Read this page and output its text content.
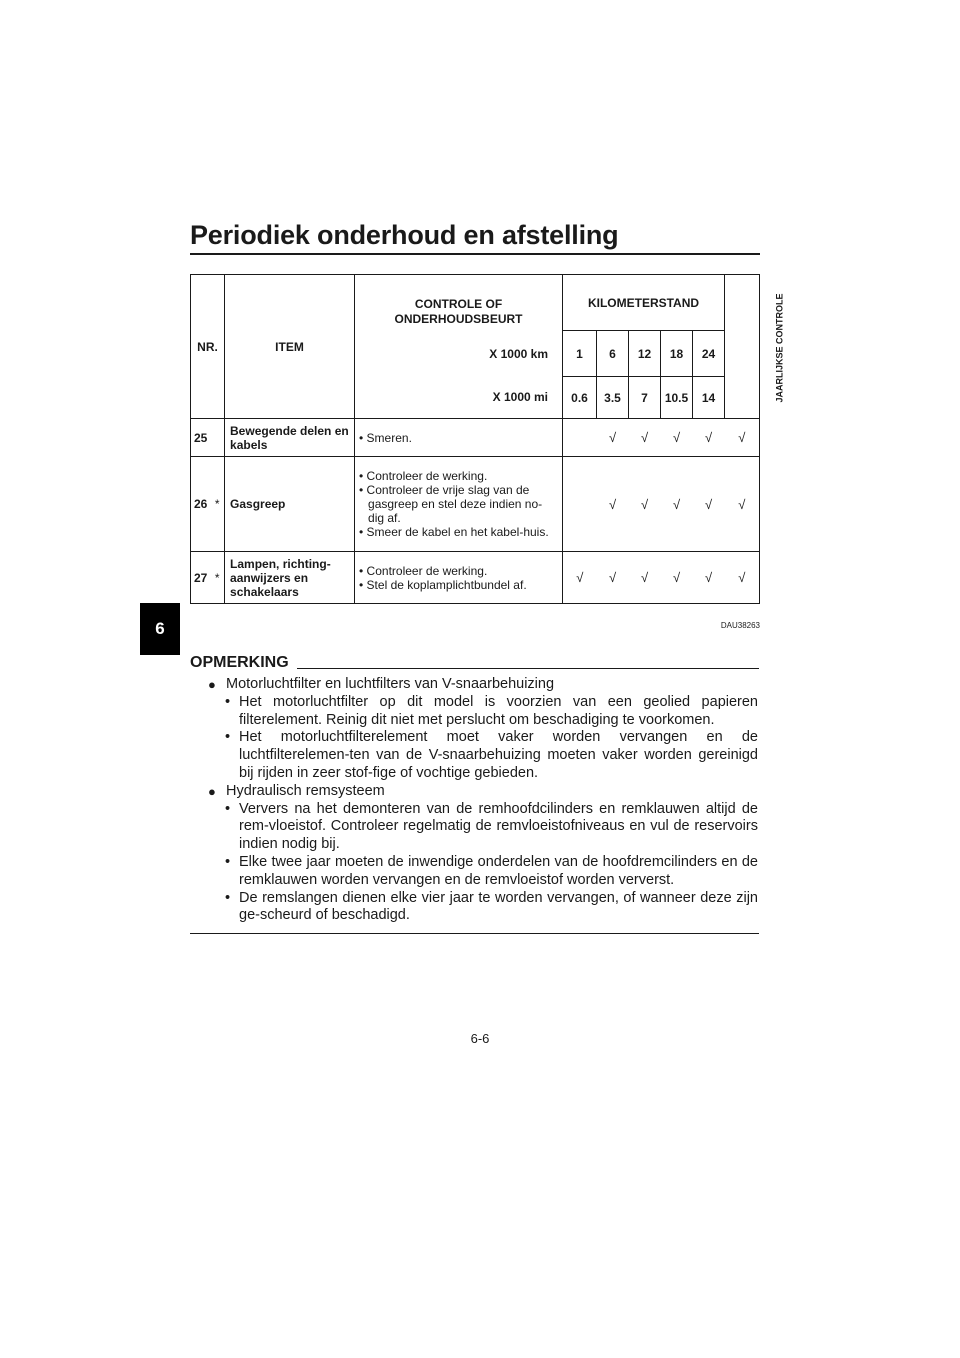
Periodiek onderhoud en afstelling
6
NR.		ITEM	CONTROLE OF ONDERHOUDSBEURT	KILOMETERSTAND					JAARLIJKSE CONTROLE
			X 1000 km	1	6	12	18	24	
			X 1000 mi	0.6	3.5	7	10.5	14	
25		Bewegende delen en kabels	• Smeren.		√	√	√	√	√
26	*	Gasgreep	• Controleer de werking.
• Controleer de vrije slag van de gasgreep en stel deze indien no-dig af.
• Smeer de kabel en het kabel-huis.		√	√	√	√	√
27	*	Lampen, richting-aanwijzers en schakelaars	• Controleer de werking.
• Stel de koplamplichtbundel af.	√	√	√	√	√	√
DAU38263
OPMERKING
● Motorluchtfilter en luchtfilters van V-snaarbehuizing
• Het motorluchtfilter op dit model is voorzien van een geolied papieren filterelement. Reinig dit niet met perslucht om beschadiging te voorkomen.
• Het motorluchtfilterelement moet vaker worden vervangen en de luchtfilterelemen-ten van de V-snaarbehuizing moeten vaker worden gereinigd bij rijden in zeer stof-fige of vochtige gebieden.
● Hydraulisch remsysteem
• Ververs na het demonteren van de remhoofdcilinders en remklauwen altijd de rem-vloeistof. Controleer regelmatig de remvloeistofniveaus en vul de reservoirs indien nodig bij.
• Elke twee jaar moeten de inwendige onderdelen van de hoofdremcilinders en de remklauwen worden vervangen en de remvloeistof worden ververst.
• De remslangen dienen elke vier jaar te worden vervangen, of wanneer deze zijn ge-scheurd of beschadigd.
6-6
